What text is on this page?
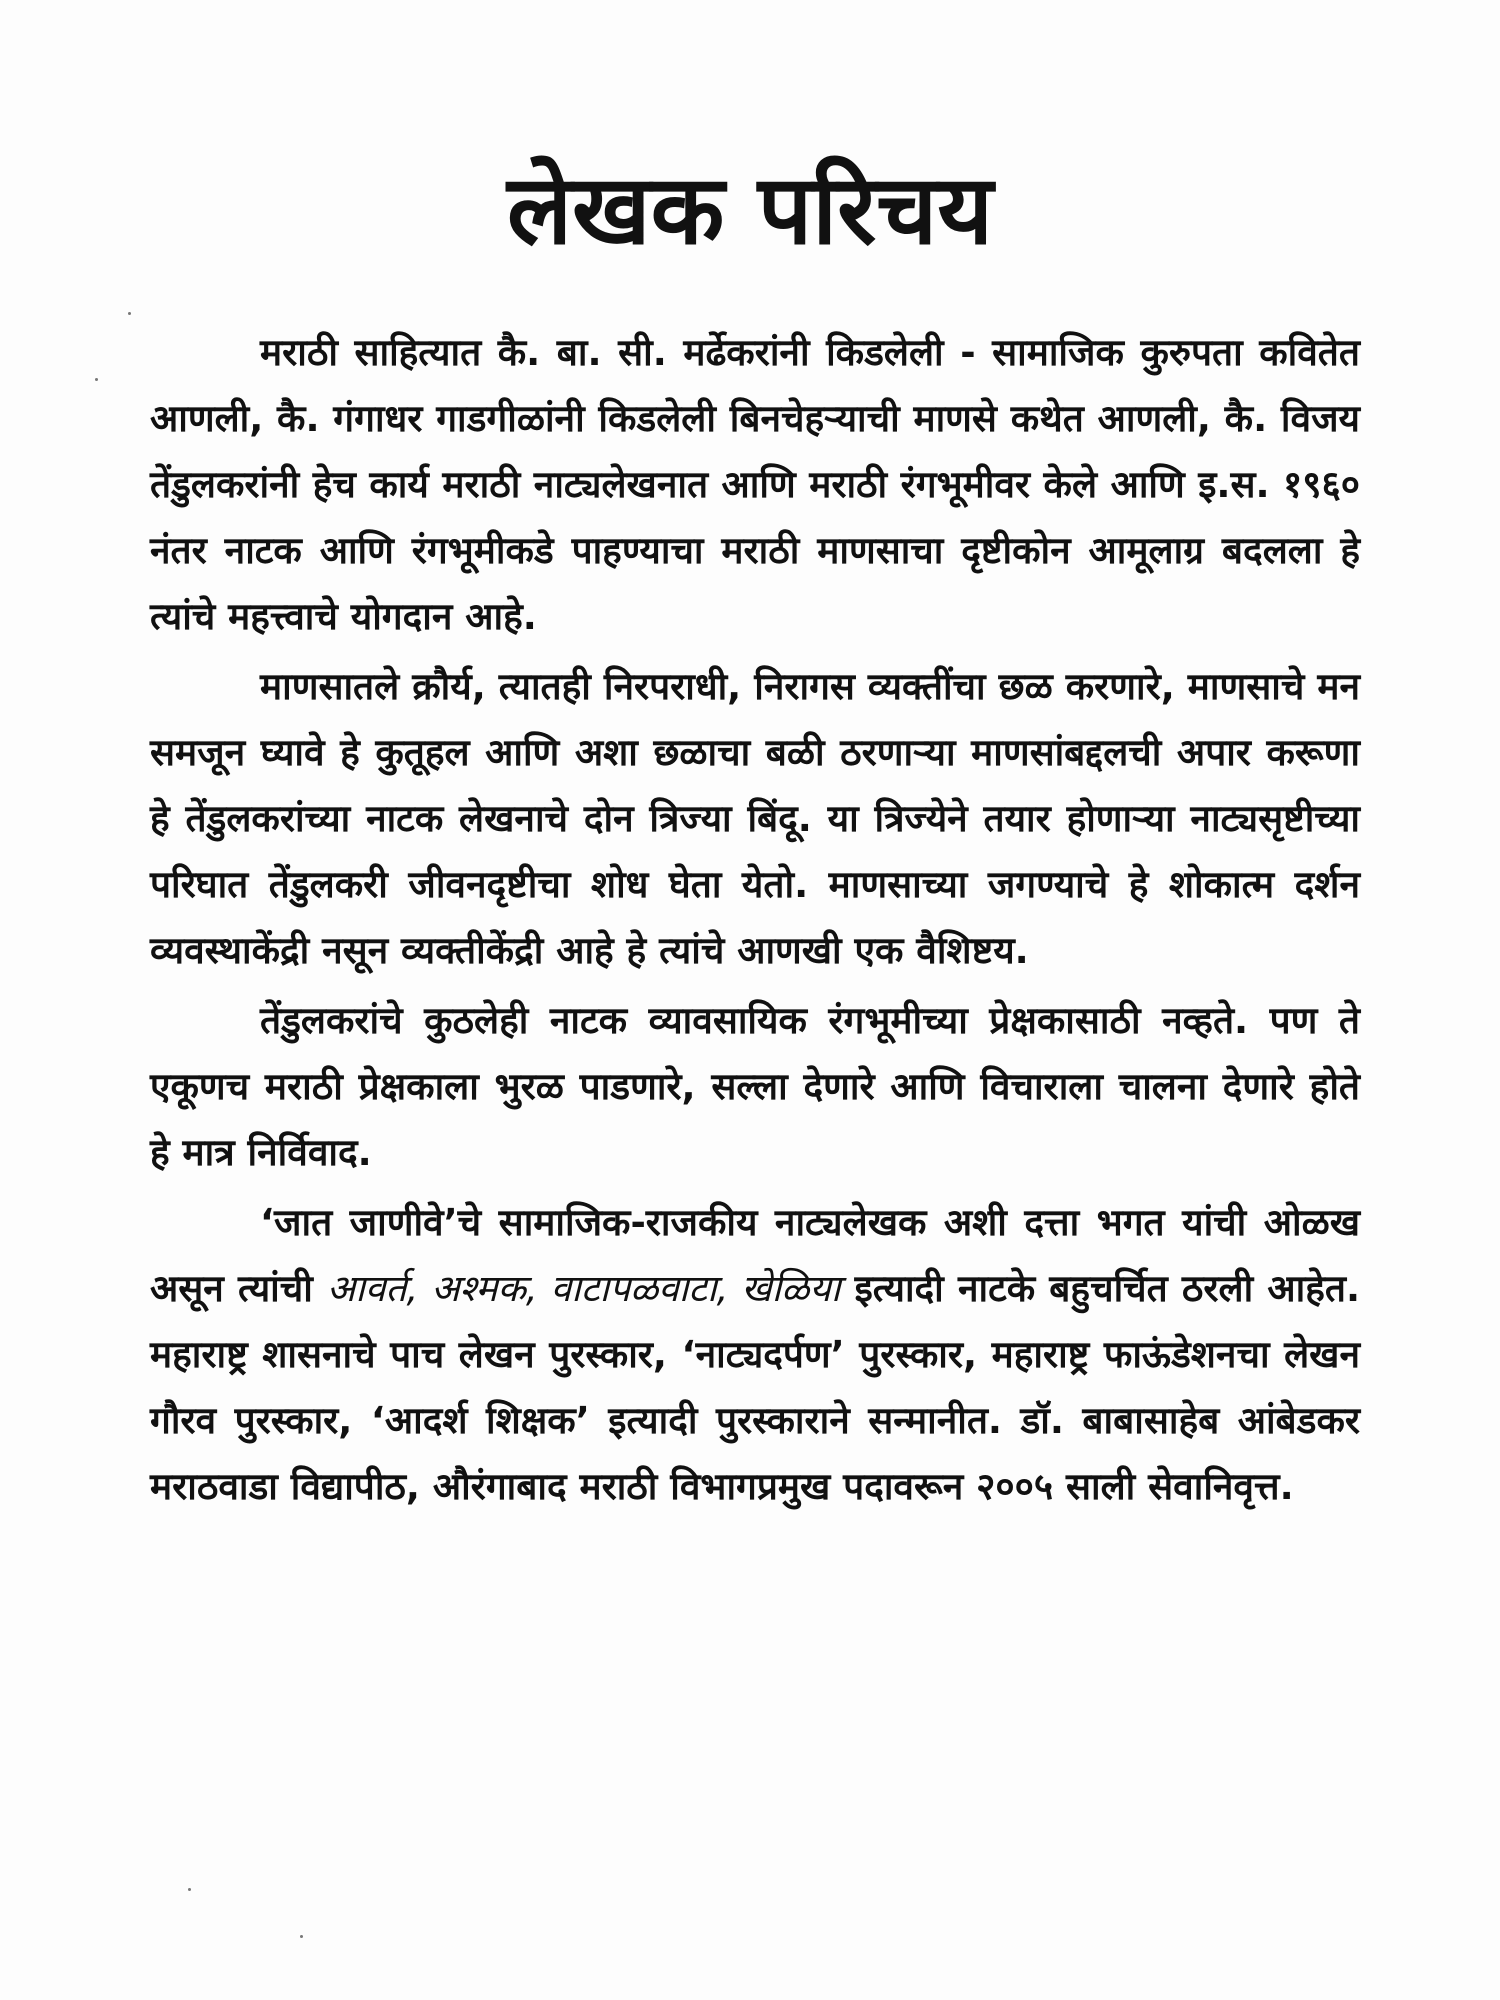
लेखक परिचय

मराठी साहित्यात कै. बा. सी. मर्ढेकरांनी किडलेली - सामाजिक कुरुपता कवितेत आणली, कै. गंगाधर गाडगीळांनी किडलेली बिनचेहऱ्याची माणसे कथेत आणली, कै. विजय तेंडुलकरांनी हेच कार्य मराठी नाट्यलेखनात आणि मराठी रंगभूमीवर केले आणि इ.स. १९६० नंतर नाटक आणि रंगभूमीकडे पाहण्याचा मराठी माणसाचा दृष्टीकोन आमूलाग्र बदलला हे त्यांचे महत्त्वाचे योगदान आहे.

माणसातले क्रौर्य, त्यातही निरपराधी, निरागस व्यक्तींचा छळ करणारे, माणसाचे मन समजून घ्यावे हे कुतूहल आणि अशा छळाचा बळी ठरणाऱ्या माणसांबद्दलची अपार करूणा हे तेंडुलकरांच्या नाटक लेखनाचे दोन त्रिज्या बिंदू. या त्रिज्येने तयार होणाऱ्या नाट्यसृष्टीच्या परिघात तेंडुलकरी जीवनदृष्टीचा शोध घेता येतो. माणसाच्या जगण्याचे हे शोकात्म दर्शन व्यवस्थाकेंद्री नसून व्यक्तीकेंद्री आहे हे त्यांचे आणखी एक वैशिष्टय.

तेंडुलकरांचे कुठलेही नाटक व्यावसायिक रंगभूमीच्या प्रेक्षकासाठी नव्हते. पण ते एकूणच मराठी प्रेक्षकाला भुरळ पाडणारे, सल्ला देणारे आणि विचाराला चालना देणारे होते हे मात्र निर्विवाद.

‘जात जाणीवे’चे सामाजिक-राजकीय नाट्यलेखक अशी दत्ता भगत यांची ओळख असून त्यांची आवर्त, अश्मक, वाटापळवाटा, खेळिया इत्यादी नाटके बहुचर्चित ठरली आहेत. महाराष्ट्र शासनाचे पाच लेखन पुरस्कार, ‘नाट्यदर्पण’ पुरस्कार, महाराष्ट्र फाऊंडेशनचा लेखन गौरव पुरस्कार, ‘आदर्श शिक्षक’ इत्यादी पुरस्काराने सन्मानीत. डॉ. बाबासाहेब आंबेडकर मराठवाडा विद्यापीठ, औरंगाबाद मराठी विभागप्रमुख पदावरून २००५ साली सेवानिवृत्त.
